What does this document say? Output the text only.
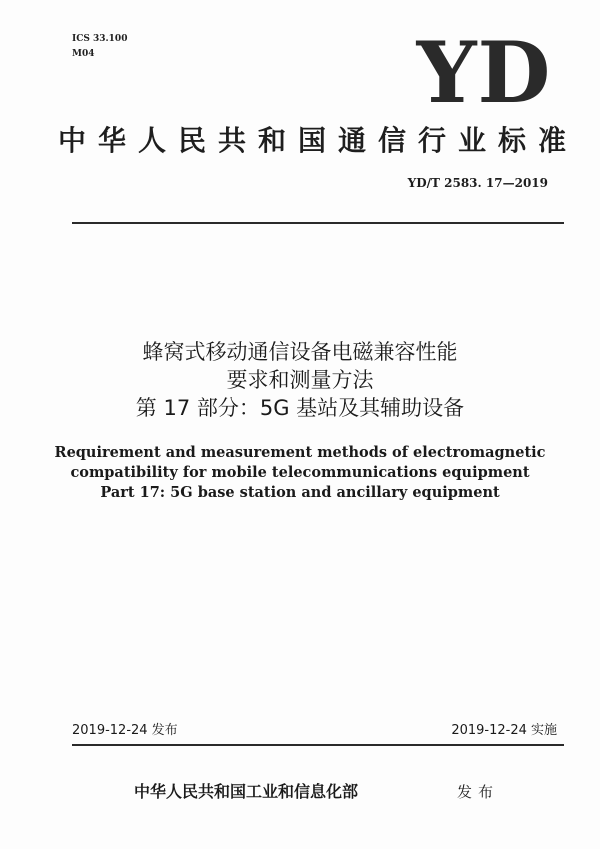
ICS 33.100
M04	YD
中华人民共和国通信行业标准
YD/T 2583. 17—2019
蜂窝式移动通信设备电磁兼容性能
要求和测量方法
第 17 部分：5G 基站及其辅助设备
Requirement and measurement methods of electromagnetic
compatibility for mobile telecommunications equipment
Part 17: 5G base station and ancillary equipment
2019-12-24 发布	2019-12-24 实施
中华人民共和国工业和信息化部	发布
